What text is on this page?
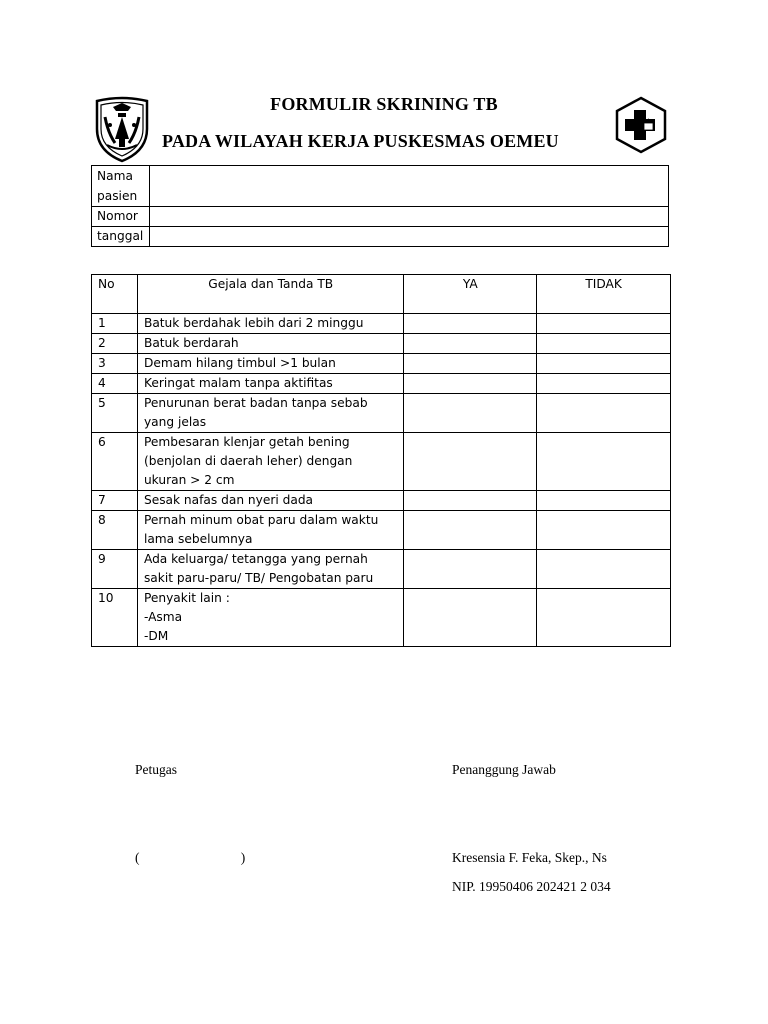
FORMULIR SKRINING TB
PADA WILAYAH KERJA PUSKESMAS OEMEU
Nama pasien	
Nomor	
tanggal	
No	Gejala dan Tanda TB	YA	TIDAK
1	Batuk berdahak lebih dari 2 minggu		
2	Batuk berdarah		
3	Demam hilang timbul >1 bulan		
4	Keringat malam tanpa aktifitas		
5	Penurunan berat badan tanpa sebab yang jelas		
6	Pembesaran klenjar getah bening (benjolan di daerah leher) dengan ukuran > 2 cm		
7	Sesak nafas dan nyeri dada		
8	Pernah minum obat paru dalam waktu lama sebelumnya		
9	Ada keluarga/ tetangga yang pernah sakit paru-paru/ TB/ Pengobatan paru		
10	Penyakit lain :
-Asma
-DM		
Petugas	Penanggung Jawab
(                              )	Kresensia F. Feka, Skep., Ns
NIP. 19950406 202421 2 034
